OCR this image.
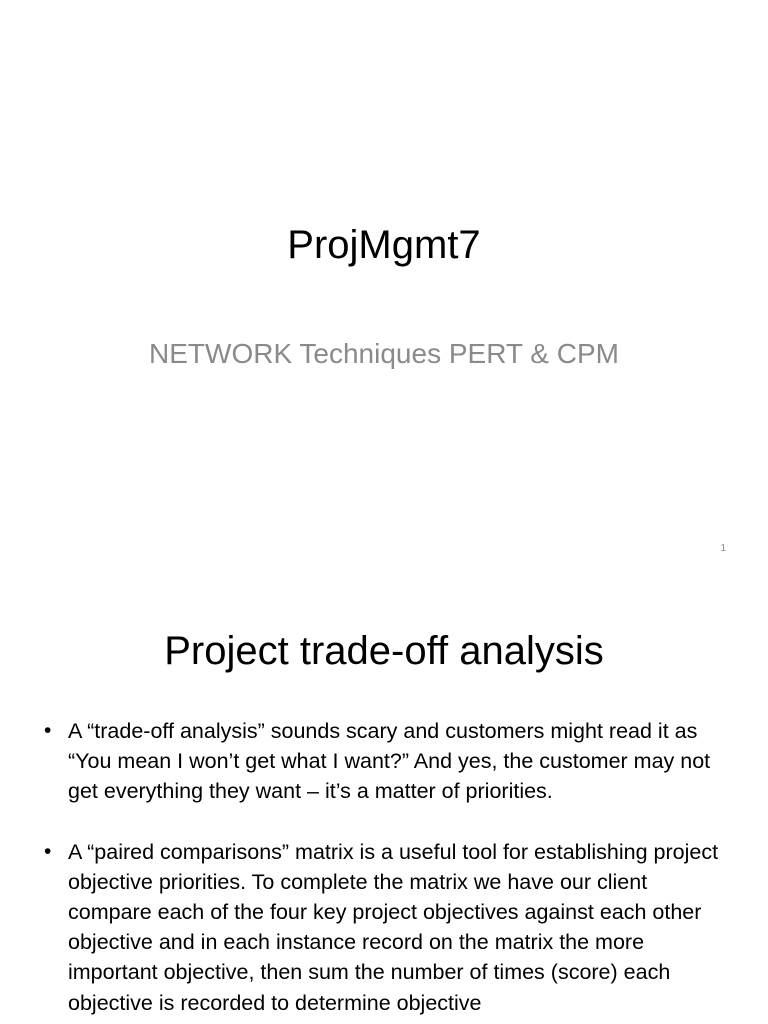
ProjMgmt7
NETWORK Techniques PERT & CPM
1
Project trade-off analysis
• A “trade-off analysis” sounds scary and customers might read it as “You mean I won’t get what I want?” And yes, the customer may not get everything they want – it’s a matter of priorities.
• A “paired comparisons” matrix is a useful tool for establishing project objective priorities. To complete the matrix we have our client compare each of the four key project objectives against each other objective and in each instance record on the matrix the more important objective, then sum the number of times (score) each objective is recorded to determine objective
